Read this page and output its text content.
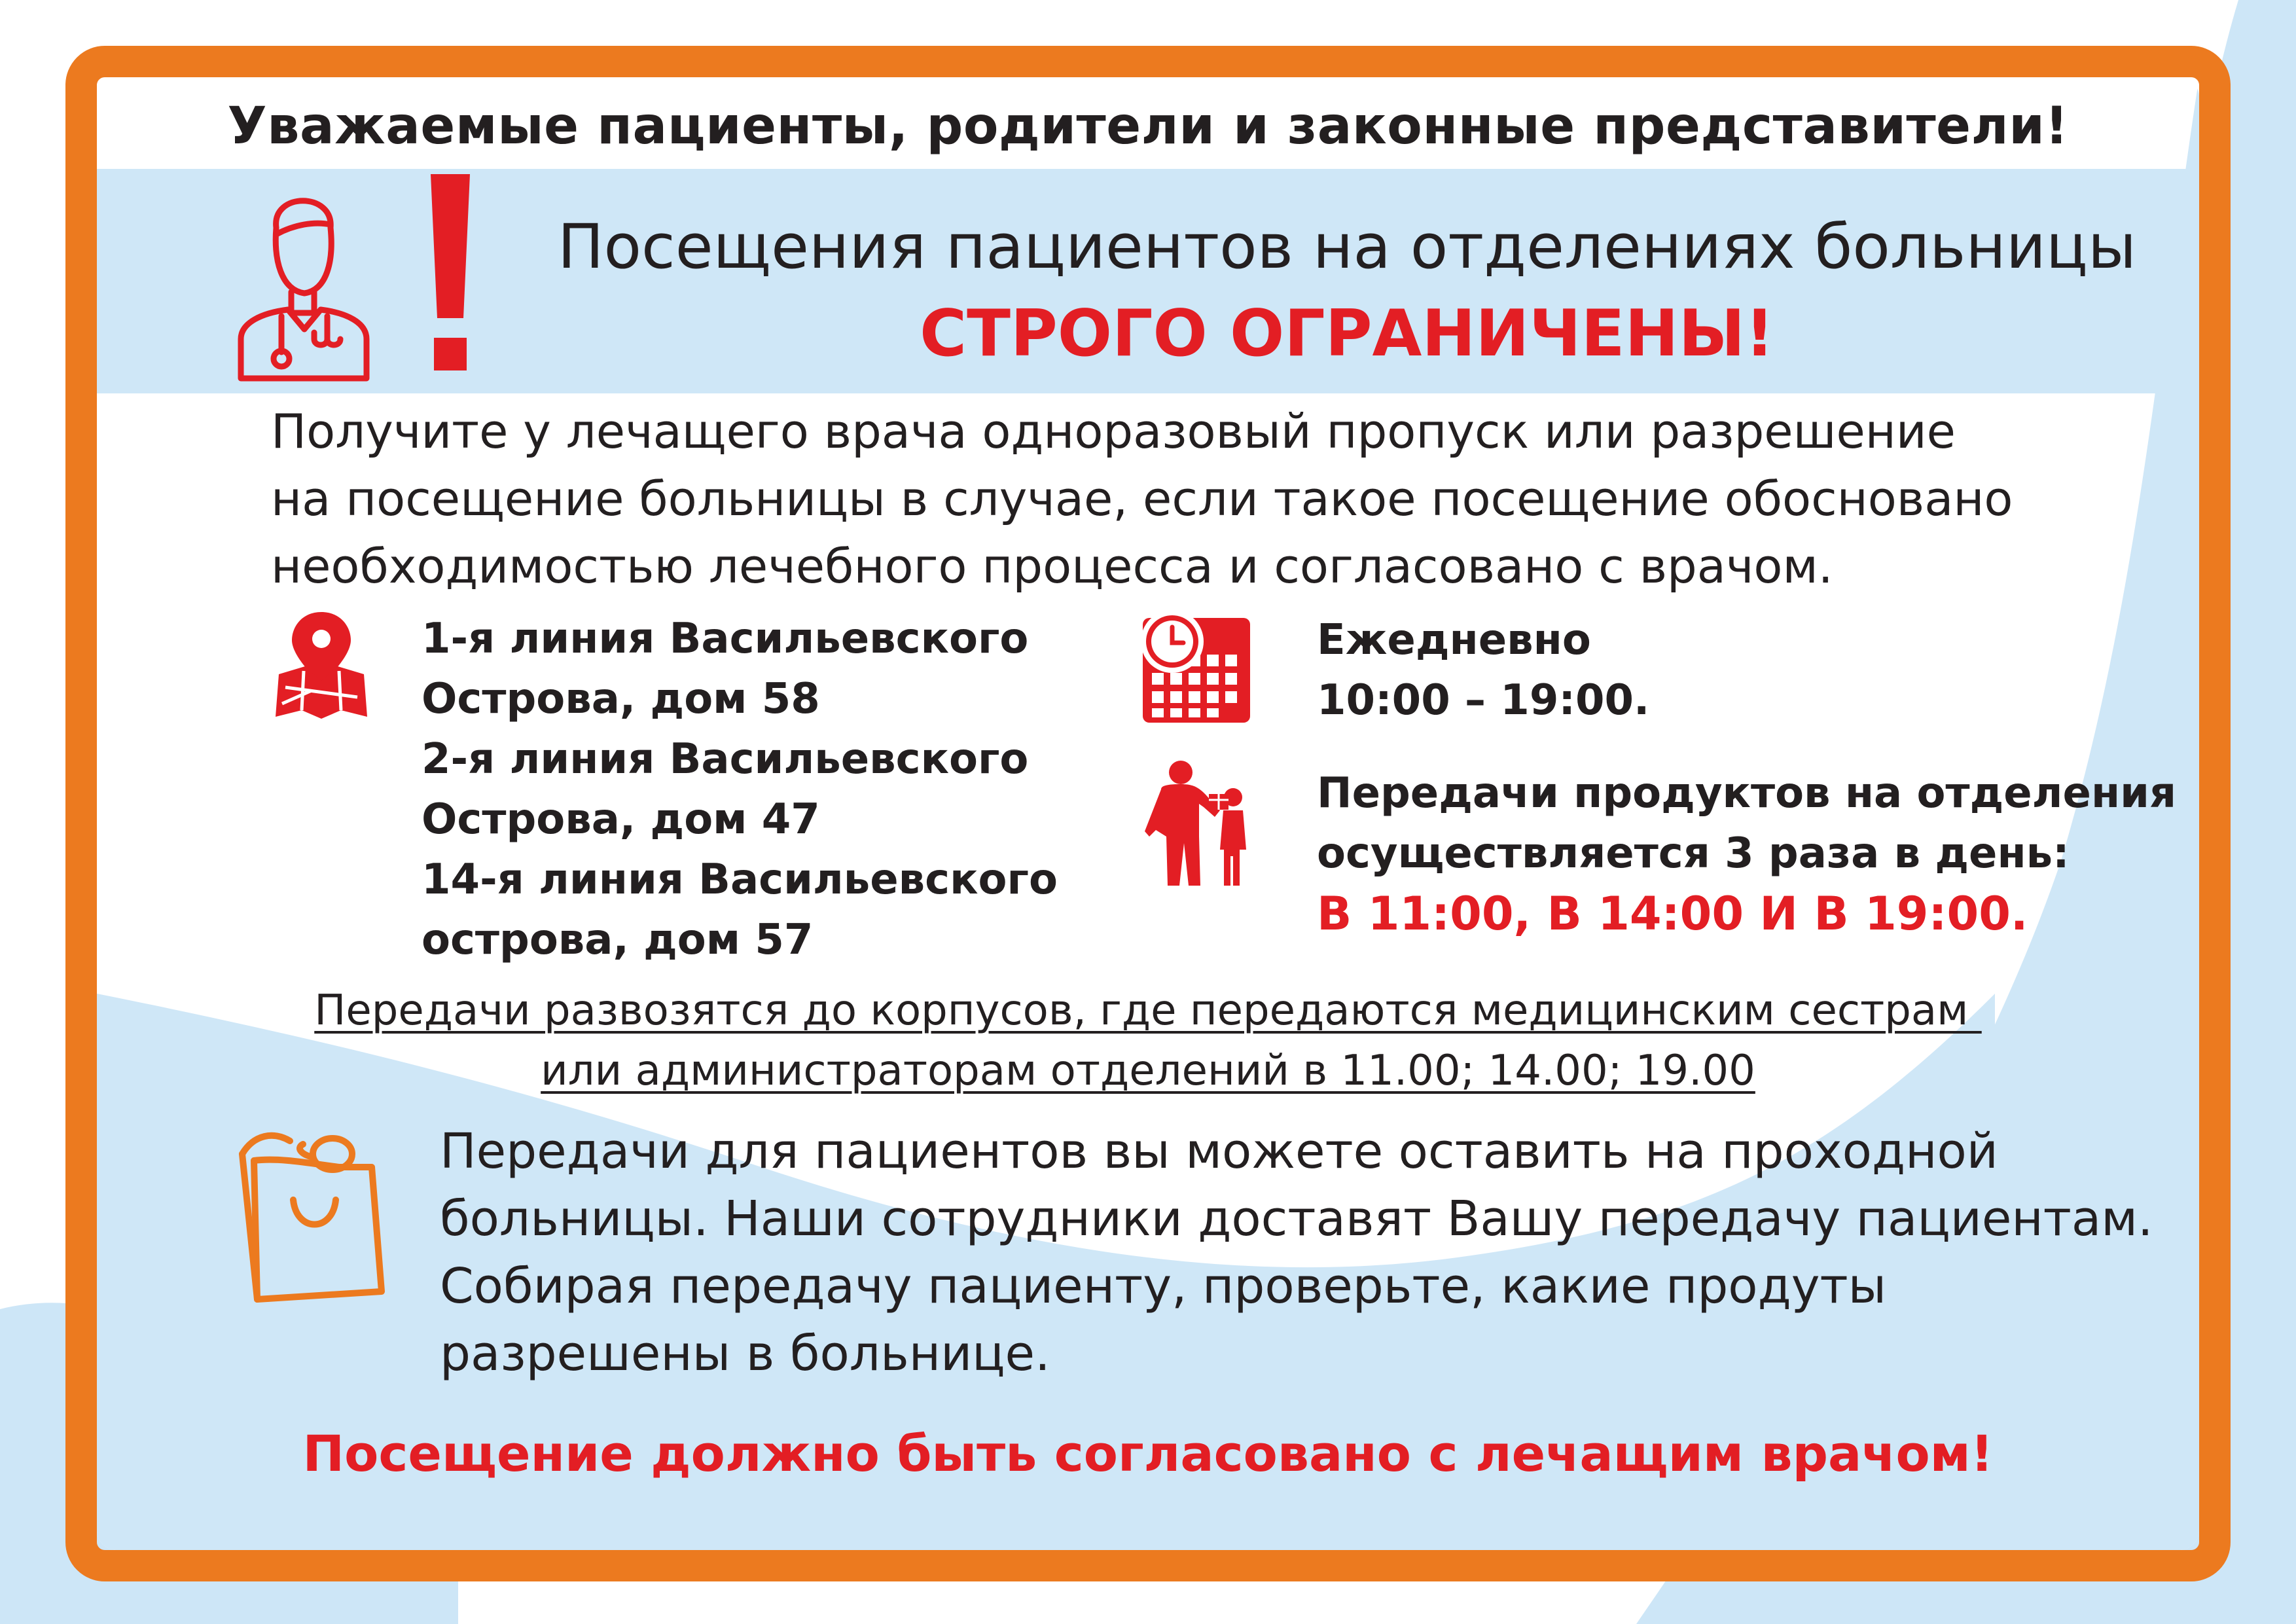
Уважаемые пациенты, родители и законные представители!
Посещения пациентов на отделениях больницы
СТРОГО ОГРАНИЧЕНЫ!
Получите у лечащего врача одноразовый пропуск или разрешение
на посещение больницы в случае, если такое посещение обосновано
необходимостью лечебного процесса и согласовано с врачом.
1-я линия Васильевского
Острова, дом 58
2-я линия Васильевского
Острова, дом 47
14-я линия Васильевского
острова, дом 57
Ежедневно
10:00 – 19:00.
Передачи продуктов на отделения
осуществляется 3 раза в день:
В 11:00, В 14:00 И В 19:00.
Передачи развозятся до корпусов, где передаются медицинским сестрам
или администраторам отделений в 11.00; 14.00; 19.00
Передачи для пациентов вы можете оставить на проходной
больницы. Наши сотрудники доставят Вашу передачу пациентам.
Собирая передачу пациенту, проверьте, какие продуты
разрешены в больнице.
Посещение должно быть согласовано с лечащим врачом!
